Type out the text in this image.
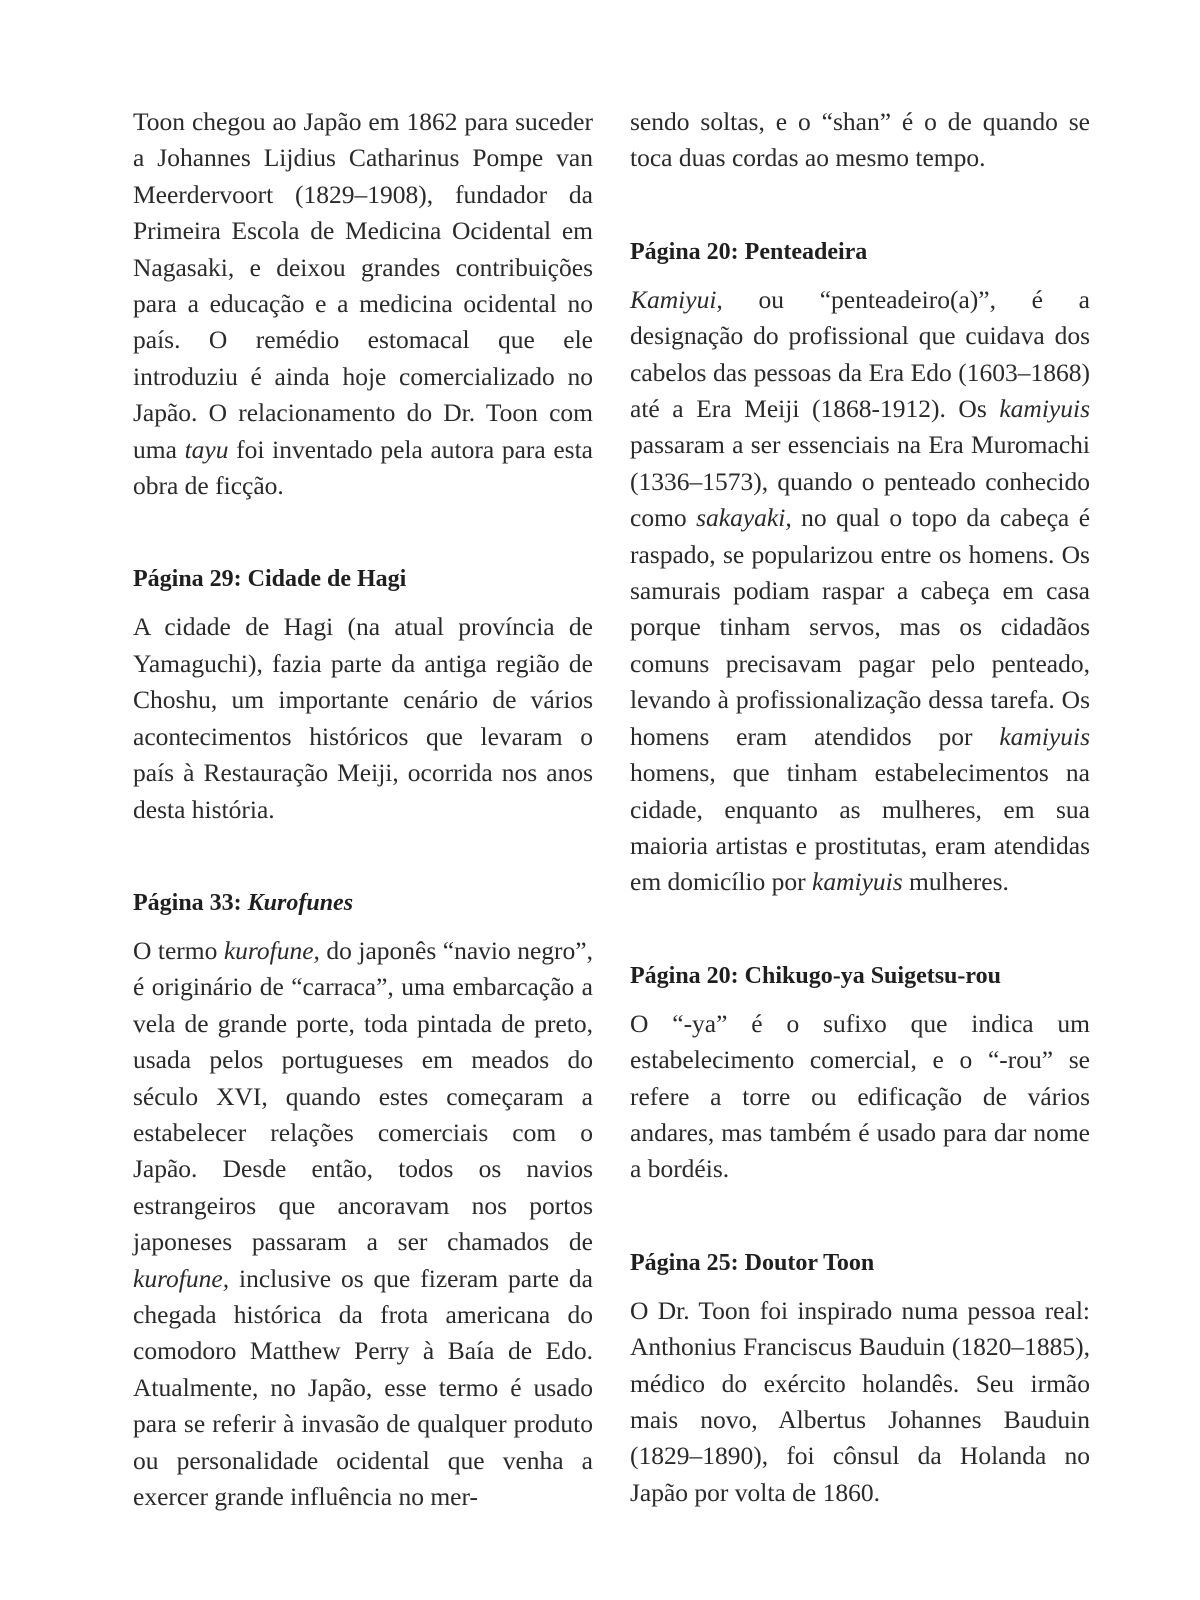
Toon chegou ao Japão em 1862 para suceder a Johannes Lijdius Catharinus Pompe van Meerdervoort (1829–1908), fundador da Primeira Escola de Medicina Ocidental em Nagasaki, e deixou grandes contribuições para a educação e a medicina ocidental no país. O remédio estomacal que ele introduziu é ainda hoje comercializado no Japão. O relacionamento do Dr. Toon com uma tayu foi inventado pela autora para esta obra de ficção.

Página 29: Cidade de Hagi

A cidade de Hagi (na atual província de Yamaguchi), fazia parte da antiga região de Choshu, um importante cenário de vários acontecimentos históricos que levaram o país à Restauração Meiji, ocorrida nos anos desta história.

Página 33: Kurofunes

O termo kurofune, do japonês “navio negro”, é originário de “carraca”, uma embarcação a vela de grande porte, toda pintada de preto, usada pelos portugueses em meados do século XVI, quando estes começaram a estabelecer relações comerciais com o Japão. Desde então, todos os navios estrangeiros que ancoravam nos portos japoneses passaram a ser chamados de kurofune, inclusive os que fizeram parte da chegada histórica da frota americana do comodoro Matthew Perry à Baía de Edo. Atualmente, no Japão, esse termo é usado para se referir à invasão de qualquer produto ou personalidade ocidental que venha a exercer grande influência no mer-

sendo soltas, e o “shan” é o de quando se toca duas cordas ao mesmo tempo.

Página 20: Penteadeira

Kamiyui, ou “penteadeiro(a)”, é a designação do profissional que cuidava dos cabelos das pessoas da Era Edo (1603–1868) até a Era Meiji (1868-1912). Os kamiyuis passaram a ser essenciais na Era Muromachi (1336–1573), quando o penteado conhecido como sakayaki, no qual o topo da cabeça é raspado, se popularizou entre os homens. Os samurais podiam raspar a cabeça em casa porque tinham servos, mas os cidadãos comuns precisavam pagar pelo penteado, levando à profissionalização dessa tarefa. Os homens eram atendidos por kamiyuis homens, que tinham estabelecimentos na cidade, enquanto as mulheres, em sua maioria artistas e prostitutas, eram atendidas em domicílio por kamiyuis mulheres.

Página 20: Chikugo-ya Suigetsu-rou

O “-ya” é o sufixo que indica um estabelecimento comercial, e o “-rou” se refere a torre ou edificação de vários andares, mas também é usado para dar nome a bordéis.

Página 25: Doutor Toon

O Dr. Toon foi inspirado numa pessoa real: Anthonius Franciscus Bauduin (1820–1885), médico do exército holandês. Seu irmão mais novo, Albertus Johannes Bauduin (1829–1890), foi cônsul da Holanda no Japão por volta de 1860.
